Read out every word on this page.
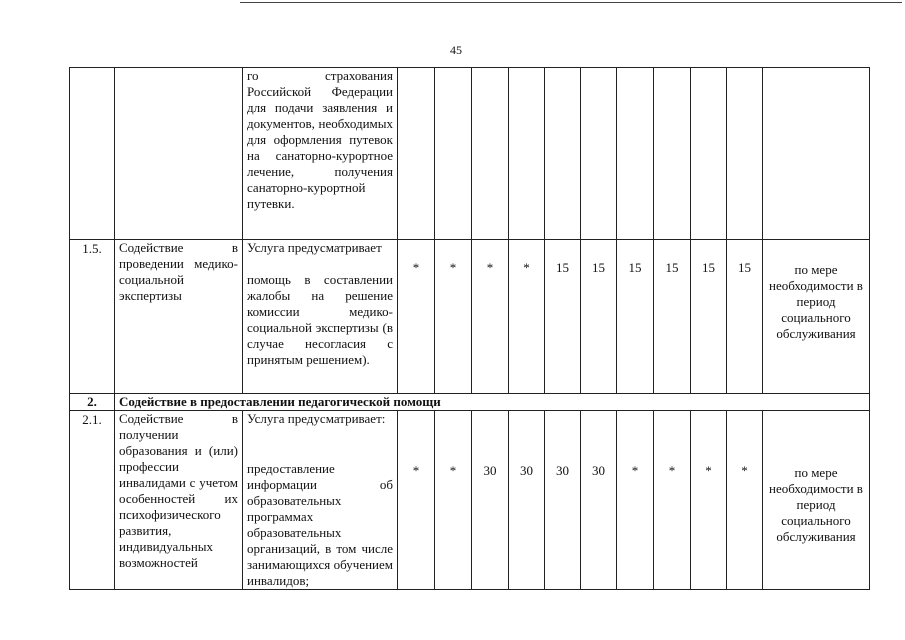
45
		го страхования Российской Федерации для подачи заявления и документов, необходимых для оформления путевок на санаторно-курортное лечение, получения санаторно-курортной путевки.											
1.5.	Содействие в проведении медико-социальной экспертизы	Услуга предусматривает
помощь в составлении жалобы на решение комиссии медико-социальной экспертизы (в случае несогласия с принятым решением).	*	*	*	*	15	15	15	15	15	15	по мере необходимости в период социального обслуживания
2.	Содействие в предоставлении педагогической помощи												
2.1.	Содействие в получении образования и (или) профессии инвалидами с учетом особенностей их психофизического развития, индивидуальных возможностей	Услуга предусматривает:
предоставление информации об образовательных программах образовательных организаций, в том числе занимающихся обучением инвалидов;	*	*	30	30	30	30	*	*	*	*	по мере необходимости в период социального обслуживания
